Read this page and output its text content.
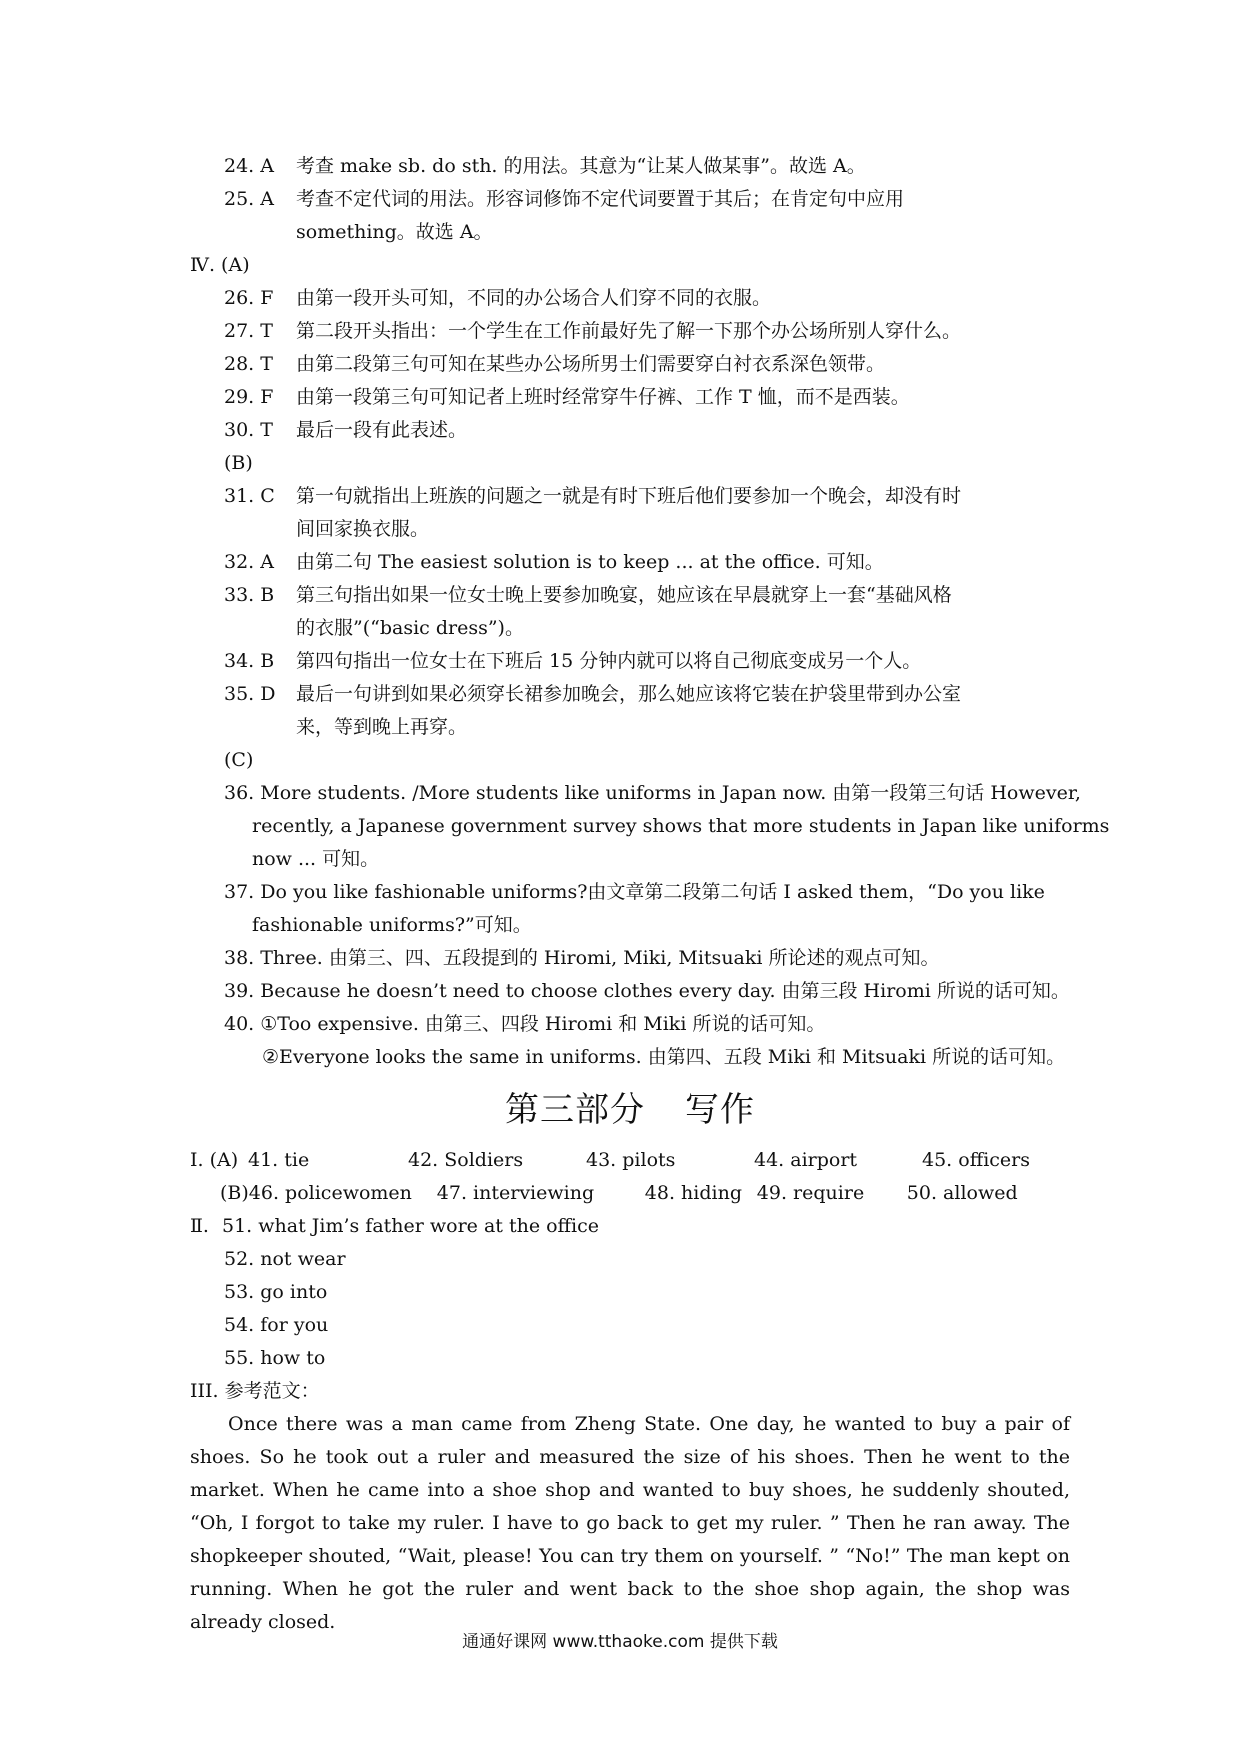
24. A	考查 make sb. do sth. 的用法。其意为“让某人做某事”。故选 A。
25. A	考查不定代词的用法。形容词修饰不定代词要置于其后；在肯定句中应用
something。故选 A。
Ⅳ. (A)
26. F	由第一段开头可知，不同的办公场合人们穿不同的衣服。
27. T	第二段开头指出：一个学生在工作前最好先了解一下那个办公场所别人穿什么。
28. T	由第二段第三句可知在某些办公场所男士们需要穿白衬衣系深色领带。
29. F	由第一段第三句可知记者上班时经常穿牛仔裤、工作 T 恤，而不是西装。
30. T	最后一段有此表述。
(B)
31. C	第一句就指出上班族的问题之一就是有时下班后他们要参加一个晚会，却没有时
间回家换衣服。
32. A	由第二句 The easiest solution is to keep ... at the office. 可知。
33. B	第三句指出如果一位女士晚上要参加晚宴，她应该在早晨就穿上一套“基础风格
的衣服”(“basic dress”)。
34. B	第四句指出一位女士在下班后 15 分钟内就可以将自己彻底变成另一个人。
35. D	最后一句讲到如果必须穿长裙参加晚会，那么她应该将它装在护袋里带到办公室
来，等到晚上再穿。
(C)
36. More students. /More students like uniforms in Japan now. 由第一段第三句话 However,
recently, a Japanese government survey shows that more students in Japan like uniforms
now ... 可知。
37. Do you like fashionable uniforms?由文章第二段第二句话 I asked them，“Do you like
fashionable uniforms?”可知。
38. Three. 由第三、四、五段提到的 Hiromi, Miki, Mitsuaki 所论述的观点可知。
39. Because he doesn’t need to choose clothes every day. 由第三段 Hiromi 所说的话可知。
40. ①Too expensive. 由第三、四段 Hiromi 和 Miki 所说的话可知。
②Everyone looks the same in uniforms. 由第四、五段 Miki 和 Mitsuaki 所说的话可知。
第三部分 写作
Ⅰ. (A) 41. tie	42. Soldiers	43. pilots	44. airport	45. officers
(B) 46. policewomen	47. interviewing	48. hiding 49. require	50. allowed
Ⅱ. 51. what Jim’s father wore at the office
52. not wear
53. go into
54. for you
55. how to
III. 参考范文：
Once there was a man came from Zheng State. One day, he wanted to buy a pair of shoes. So he took out a ruler and measured the size of his shoes. Then he went to the market. When he came into a shoe shop and wanted to buy shoes, he suddenly shouted, “Oh, I forgot to take my ruler. I have to go back to get my ruler. ” Then he ran away. The shopkeeper shouted, “Wait, please! You can try them on yourself. ” “No!” The man kept on running. When he got the ruler and went back to the shoe shop again, the shop was already closed.
通通好课网 www.tthaoke.com 提供下载
